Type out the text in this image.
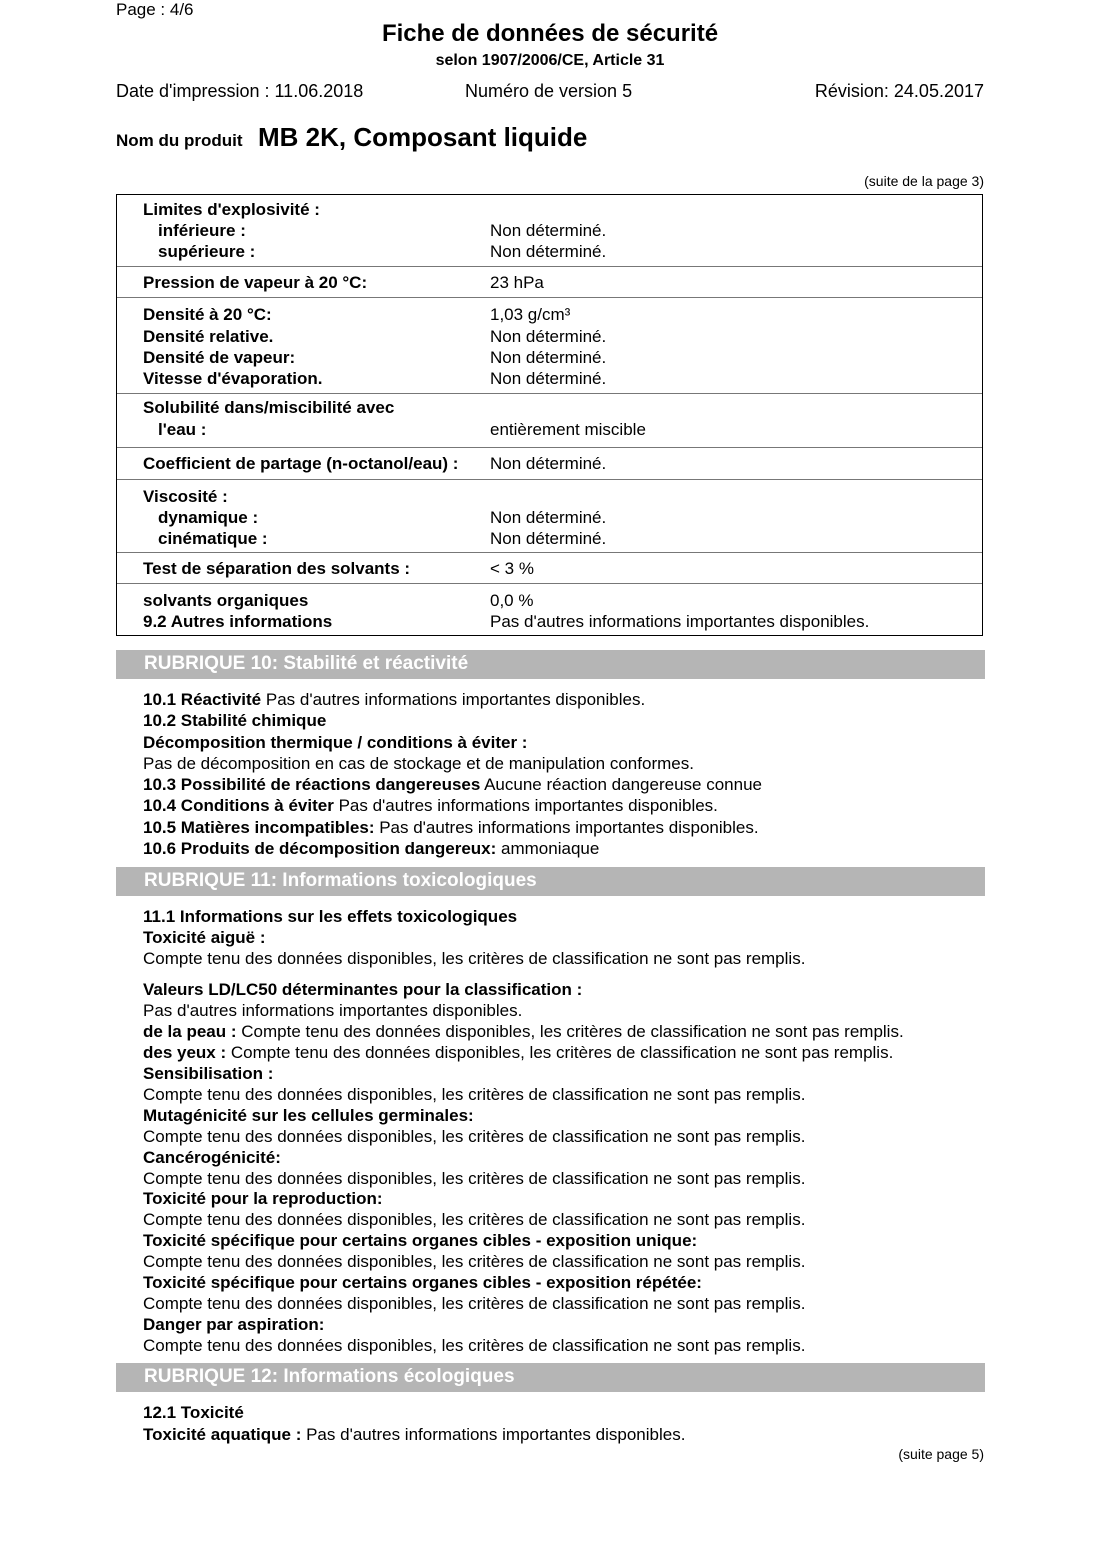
Page : 4/6
Fiche de données de sécurité
selon 1907/2006/CE, Article 31
Date d'impression : 11.06.2018	Numéro de version 5	Révision: 24.05.2017
Nom du produit MB 2K, Composant liquide
(suite de la page 3)
Limites d'explosivité :
inférieure :	Non déterminé.
supérieure :	Non déterminé.
Pression de vapeur à 20 °C:	23 hPa
Densité à 20 °C:	1,03 g/cm³
Densité relative.	Non déterminé.
Densité de vapeur:	Non déterminé.
Vitesse d'évaporation.	Non déterminé.
Solubilité dans/miscibilité avec
l'eau :	entièrement miscible
Coefficient de partage (n-octanol/eau) : Non déterminé.
Viscosité :
dynamique :	Non déterminé.
cinématique :	Non déterminé.
Test de séparation des solvants :	< 3 %
solvants organiques	0,0 %
9.2 Autres informations	Pas d'autres informations importantes disponibles.
RUBRIQUE 10: Stabilité et réactivité
10.1 Réactivité Pas d'autres informations importantes disponibles.
10.2 Stabilité chimique
Décomposition thermique / conditions à éviter :
Pas de décomposition en cas de stockage et de manipulation conformes.
10.3 Possibilité de réactions dangereuses Aucune réaction dangereuse connue
10.4 Conditions à éviter Pas d'autres informations importantes disponibles.
10.5 Matières incompatibles: Pas d'autres informations importantes disponibles.
10.6 Produits de décomposition dangereux: ammoniaque
RUBRIQUE 11: Informations toxicologiques
11.1 Informations sur les effets toxicologiques
Toxicité aiguë :
Compte tenu des données disponibles, les critères de classification ne sont pas remplis.
Valeurs LD/LC50 déterminantes pour la classification :
Pas d'autres informations importantes disponibles.
de la peau : Compte tenu des données disponibles, les critères de classification ne sont pas remplis.
des yeux : Compte tenu des données disponibles, les critères de classification ne sont pas remplis.
Sensibilisation :
Compte tenu des données disponibles, les critères de classification ne sont pas remplis.
Mutagénicité sur les cellules germinales:
Compte tenu des données disponibles, les critères de classification ne sont pas remplis.
Cancérogénicité:
Compte tenu des données disponibles, les critères de classification ne sont pas remplis.
Toxicité pour la reproduction:
Compte tenu des données disponibles, les critères de classification ne sont pas remplis.
Toxicité spécifique pour certains organes cibles - exposition unique:
Compte tenu des données disponibles, les critères de classification ne sont pas remplis.
Toxicité spécifique pour certains organes cibles - exposition répétée:
Compte tenu des données disponibles, les critères de classification ne sont pas remplis.
Danger par aspiration:
Compte tenu des données disponibles, les critères de classification ne sont pas remplis.
RUBRIQUE 12: Informations écologiques
12.1 Toxicité
Toxicité aquatique : Pas d'autres informations importantes disponibles.
(suite page 5)
